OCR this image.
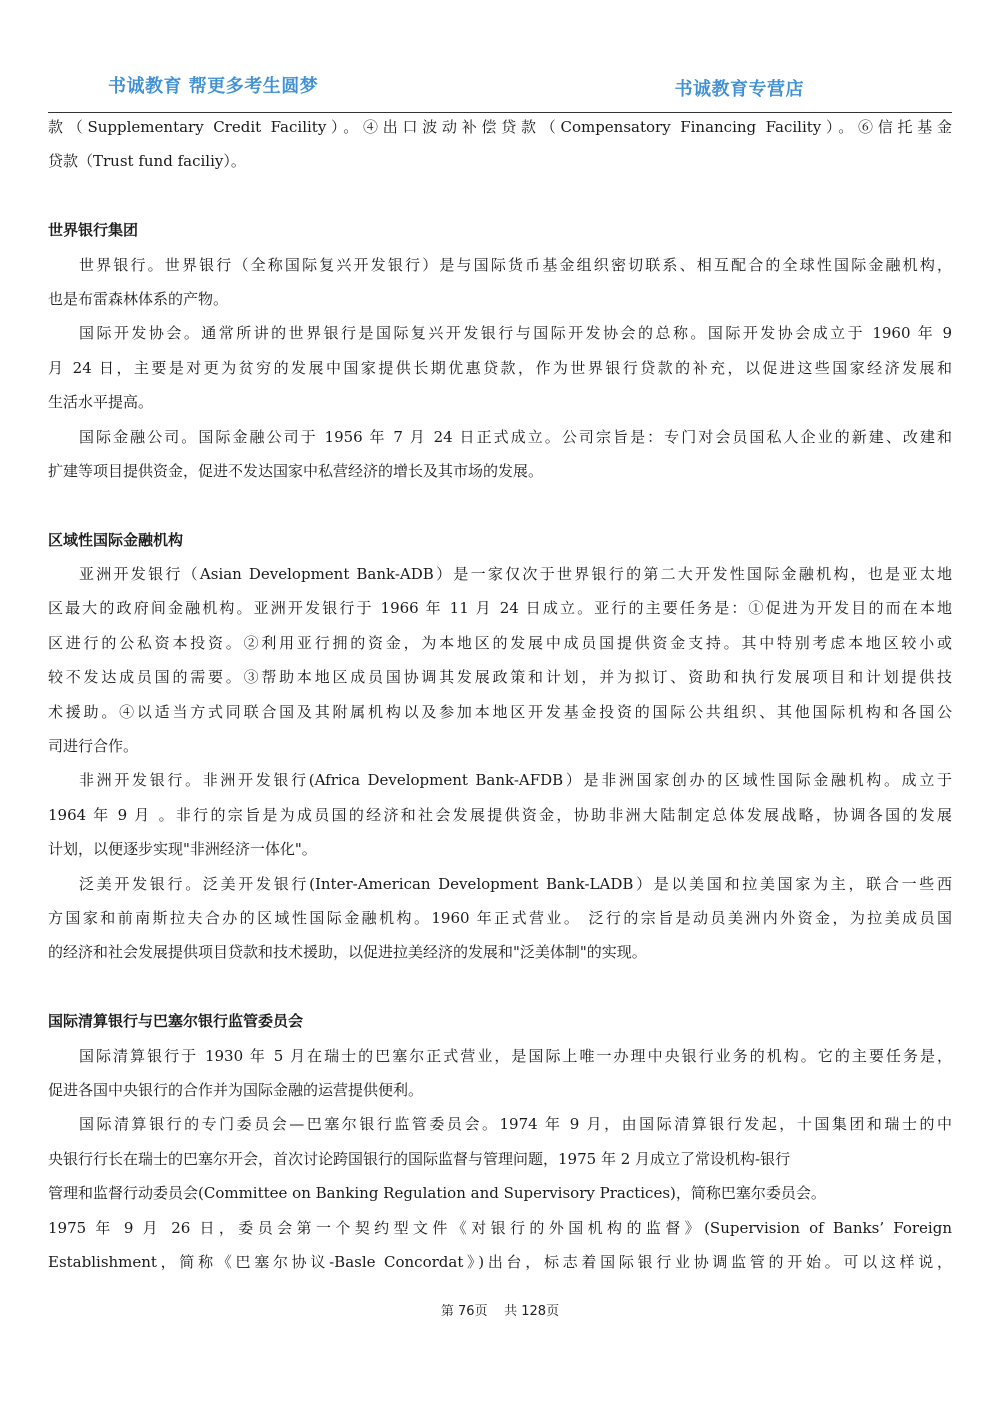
书诚教育 帮更多考生圆梦	书诚教育专营店
款（Supplementary Credit Facility）。④出口波动补偿贷款（Compensatory Financing Facility）。⑥信托基金
贷款（Trust fund faciliy）。
世界银行集团
世界银行。世界银行（全称国际复兴开发银行）是与国际货币基金组织密切联系、相互配合的全球性国际金融机构，
也是布雷森林体系的产物。
国际开发协会。通常所讲的世界银行是国际复兴开发银行与国际开发协会的总称。国际开发协会成立于 1960 年 9
月 24 日，主要是对更为贫穷的发展中国家提供长期优惠贷款，作为世界银行贷款的补充，以促进这些国家经济发展和
生活水平提高。
国际金融公司。国际金融公司于 1956 年 7 月 24 日正式成立。公司宗旨是：专门对会员国私人企业的新建、改建和
扩建等项目提供资金，促进不发达国家中私营经济的增长及其市场的发展。
区域性国际金融机构
亚洲开发银行（Asian Development Bank-ADB）是一家仅次于世界银行的第二大开发性国际金融机构，也是亚太地
区最大的政府间金融机构。亚洲开发银行于 1966 年 11 月 24 日成立。亚行的主要任务是：①促进为开发目的而在本地
区进行的公私资本投资。②利用亚行拥的资金，为本地区的发展中成员国提供资金支持。其中特别考虑本地区较小或
较不发达成员国的需要。③帮助本地区成员国协调其发展政策和计划，并为拟订、资助和执行发展项目和计划提供技
术援助。④以适当方式同联合国及其附属机构以及参加本地区开发基金投资的国际公共组织、其他国际机构和各国公
司进行合作。
非洲开发银行。非洲开发银行(Africa Development Bank-AFDB）是非洲国家创办的区域性国际金融机构。成立于
1964 年 9 月 。非行的宗旨是为成员国的经济和社会发展提供资金，协助非洲大陆制定总体发展战略，协调各国的发展
计划，以便逐步实现"非洲经济一体化"。
泛美开发银行。泛美开发银行(Inter-American Development Bank-LADB）是以美国和拉美国家为主，联合一些西
方国家和前南斯拉夫合办的区域性国际金融机构。1960 年正式营业。 泛行的宗旨是动员美洲内外资金，为拉美成员国
的经济和社会发展提供项目贷款和技术援助，以促进拉美经济的发展和"泛美体制"的实现。
国际清算银行与巴塞尔银行监管委员会
国际清算银行于 1930 年 5 月在瑞士的巴塞尔正式营业，是国际上唯一办理中央银行业务的机构。它的主要任务是，
促进各国中央银行的合作并为国际金融的运营提供便利。
国际清算银行的专门委员会—巴塞尔银行监管委员会。1974 年 9 月，由国际清算银行发起，十国集团和瑞士的中
央银行行长在瑞士的巴塞尔开会，首次讨论跨国银行的国际监督与管理问题，1975 年 2 月成立了常设机构-银行
管理和监督行动委员会(Committee on Banking Regulation and Supervisory Practices)，简称巴塞尔委员会。
1975 年 9 月 26 日，委员会第一个契约型文件《对银行的外国机构的监督》(Supervision of Banks’ Foreign
Establishment，简称《巴塞尔协议-Basle Concordat》)出台，标志着国际银行业协调监管的开始。可以这样说，
第 76页    共 128页
